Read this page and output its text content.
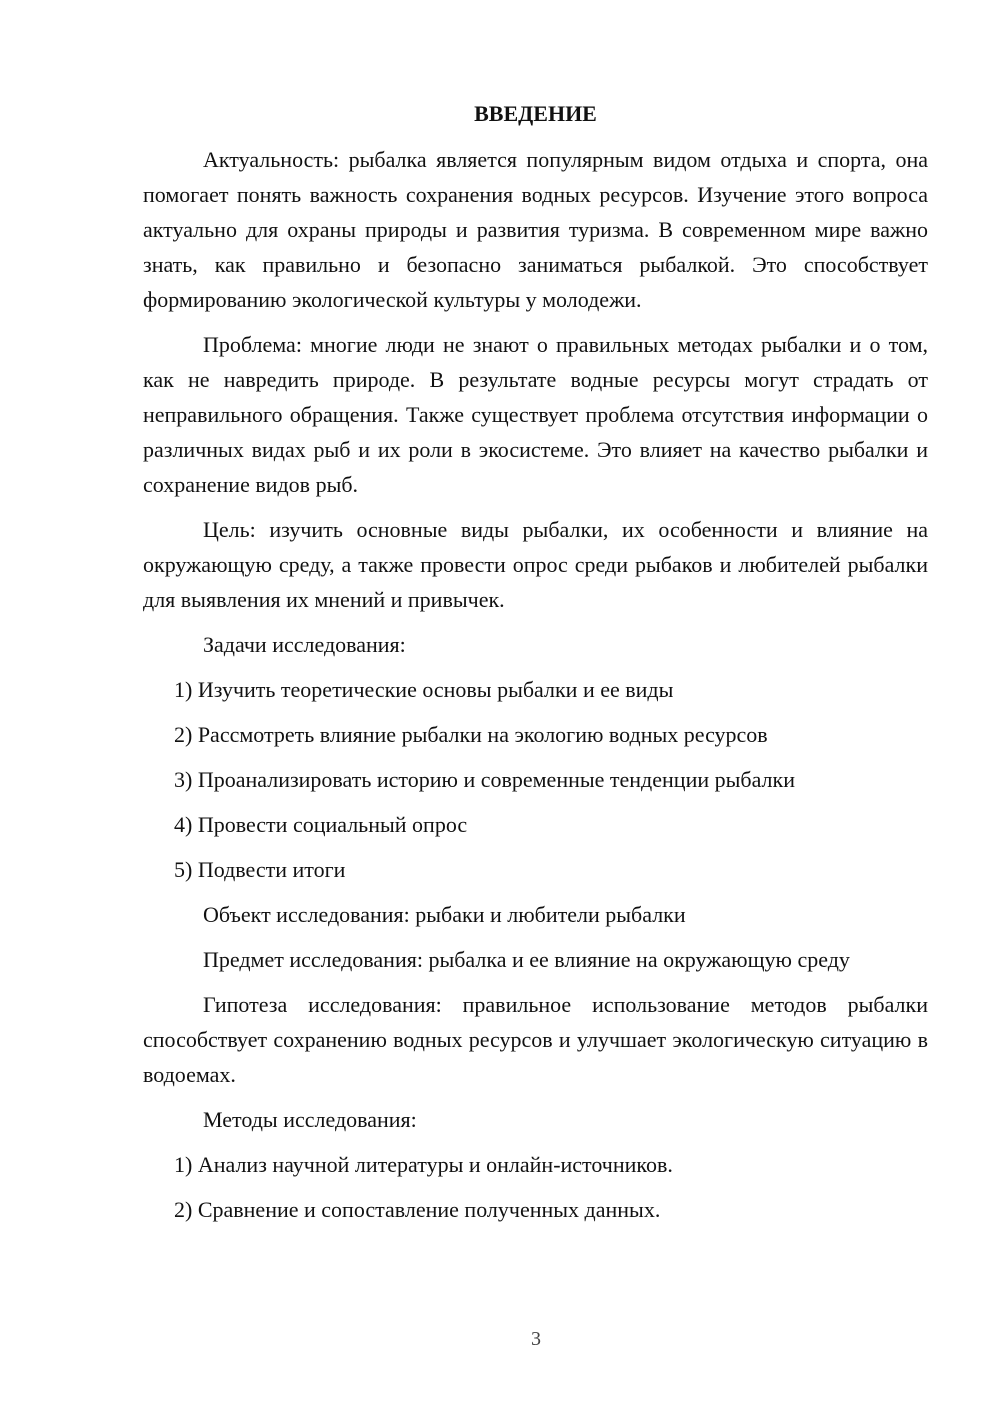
ВВЕДЕНИЕ

Актуальность: рыбалка является популярным видом отдыха и спорта, она помогает понять важность сохранения водных ресурсов. Изучение этого вопроса актуально для охраны природы и развития туризма. В современном мире важно знать, как правильно и безопасно заниматься рыбалкой. Это способствует формированию экологической культуры у молодежи.

Проблема: многие люди не знают о правильных методах рыбалки и о том, как не навредить природе. В результате водные ресурсы могут страдать от неправильного обращения. Также существует проблема отсутствия информации о различных видах рыб и их роли в экосистеме. Это влияет на качество рыбалки и сохранение видов рыб.

Цель: изучить основные виды рыбалки, их особенности и влияние на окружающую среду, а также провести опрос среди рыбаков и любителей рыбалки для выявления их мнений и привычек.

Задачи исследования:

1) Изучить теоретические основы рыбалки и ее виды

2) Рассмотреть влияние рыбалки на экологию водных ресурсов

3) Проанализировать историю и современные тенденции рыбалки

4) Провести социальный опрос

5) Подвести итоги

Объект исследования: рыбаки и любители рыбалки

Предмет исследования: рыбалка и ее влияние на окружающую среду

Гипотеза исследования: правильное использование методов рыбалки способствует сохранению водных ресурсов и улучшает экологическую ситуацию в водоемах.

Методы исследования:

1) Анализ научной литературы и онлайн-источников.

2) Сравнение и сопоставление полученных данных.

3
